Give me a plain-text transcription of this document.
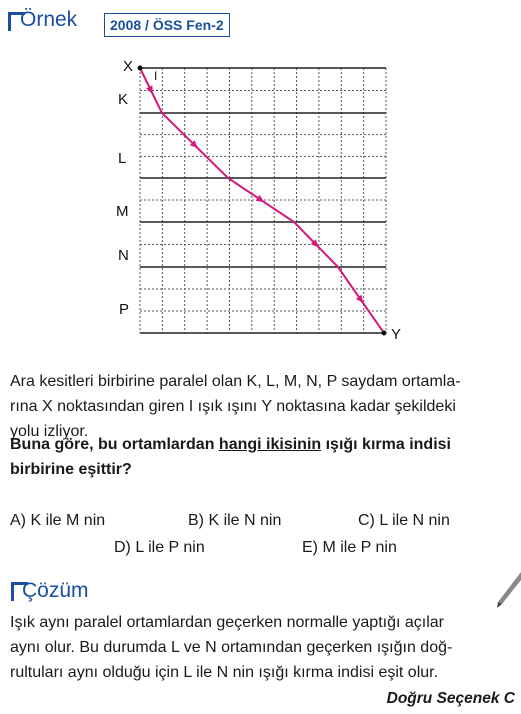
Örnek	2008 / ÖSS Fen-2
X
Y
I
K
L
M
N
P

Ara kesitleri birbirine paralel olan K, L, M, N, P saydam ortamla-

rına X noktasından giren I ışık ışını Y noktasına kadar şekildeki

yolu izliyor.

Buna göre, bu ortamlardan hangi ikisinin ışığı kırma indisi

birbirine eşittir?

A) K ile M nin	B) K ile N nin	C) L ile N nin
D) L ile P nin	E) M ile P nin
Çözüm

Işık aynı paralel ortamlardan geçerken normalle yaptığı açılar

aynı olur. Bu durumda L ve N ortamından geçerken ışığın doğ-

rultuları aynı olduğu için L ile N nin ışığı kırma indisi eşit olur.

Doğru Seçenek C
